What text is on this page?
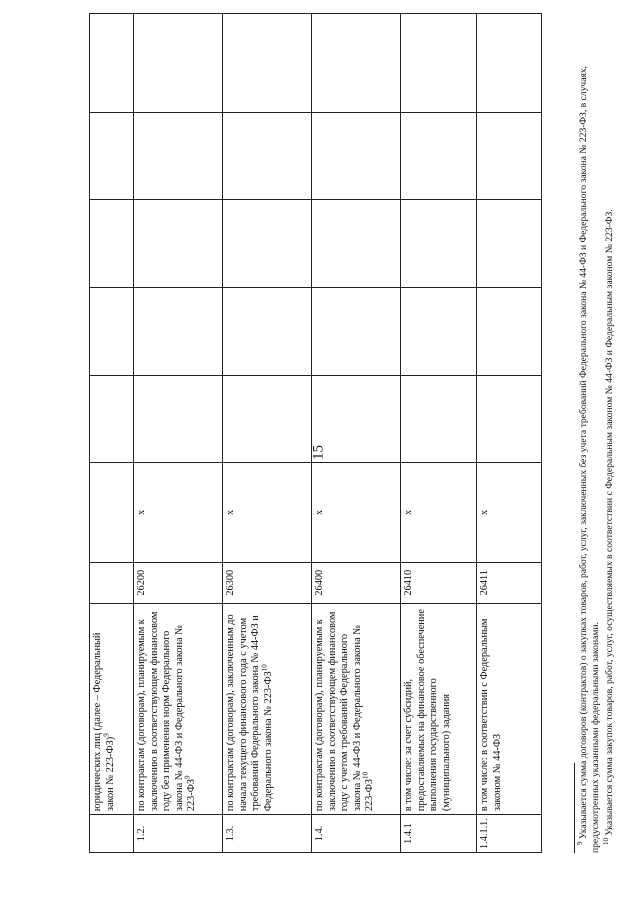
15
	юридических лиц (далее – Федеральный закон № 223-ФЗ)$^9$							
1.2.	по контрактам (договорам), планируемым к заключению в соответствующем финансовом году без применения норм Федерального закона № 44-ФЗ и Федерального закона № $223-ФЗ^9$	26200	x					
1.3.	по контрактам (договорам), заключенным до начала текущего финансового года с учетом требований Федерального закона № 44-ФЗ и Федерального закона № 223-ФЗ$^{10}$	26300	x					
1.4.	по контрактам (договорам), планируемым к заключению в соответствующем финансовом году с учетом требований Федерального закона № 44-ФЗ и Федерального закона № 223-ФЗ$^{10}$	26400	x					
1.4.1	в том числе: за счет субсидий, предоставляемых на финансовое обеспечение выполнения государственного (муниципального) задания	26410	x					
1.4.1.1.	в том числе: в соответствии с Федеральным законом № 44-ФЗ	26411	x					
$^9$ Указывается сумма договоров (контрактов) о закупках товаров, работ, услуг, заключенных без учета требований Федерального закона № 44-ФЗ и Федерального закона № 223-ФЗ, в случаях, предусмотренных указанными федеральными законами. $^{10}$ Указывается сумма закупок товаров, работ, услуг, осуществляемых в соответствии с Федеральным законом № 44-ФЗ и Федеральным законом № 223-ФЗ.
